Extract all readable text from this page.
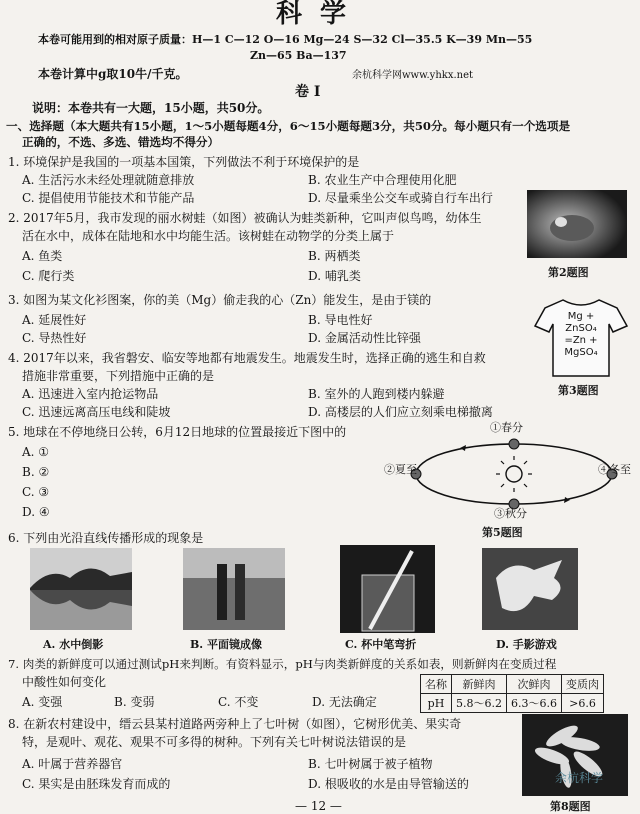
科学
本卷可能用到的相对原子质量：H—1 C—12 O—16 Mg—24 S—32 Cl—35.5 K—39 Mn—55
Zn—65 Ba—137
本卷计算中g取10牛/千克。	余杭科学网www.yhkx.net
卷 Ⅰ
说明：本卷共有一大题，15小题，共50分。
一、选择题（本大题共有15小题，1～5小题每题4分，6～15小题每题3分，共50分。每小题只有一个选项是
正确的，不选、多选、错选均不得分）
1. 环境保护是我国的一项基本国策，下列做法不利于环境保护的是
A. 生活污水未经处理就随意排放	B. 农业生产中合理使用化肥
C. 提倡使用节能技术和节能产品	D. 尽量乘坐公交车或骑自行车出行
2. 2017年5月，我市发现的丽水树蛙（如图）被确认为蛙类新种，它叫声似鸟鸣，幼体生
活在水中，成体在陆地和水中均能生活。该树蛙在动物学的分类上属于
A. 鱼类	B. 两栖类
C. 爬行类	D. 哺乳类	第2题图
3. 如图为某文化衫图案，你的美（Mg）偷走我的心（Zn）能发生，是由于镁的
A. 延展性好	B. 导电性好
C. 导热性好	D. 金属活动性比锌强
Mg +
ZnSO₄
=Zn +
MgSO₄
第3题图
4. 2017年以来，我省磐安、临安等地都有地震发生。地震发生时，选择正确的逃生和自救
措施非常重要，下列措施中正确的是
A. 迅速进入室内抢运物品	B. 室外的人跑到楼内躲避
C. 迅速远离高压电线和陡坡	D. 高楼层的人们应立刻乘电梯撤离
5. 地球在不停地绕日公转，6月12日地球的位置最接近下图中的
A. ①
B. ②
C. ③
D. ④
①春分
②夏至
③秋分
④冬至
第5题图
6. 下列由光沿直线传播形成的现象是
A. 水中倒影	B. 平面镜成像	C. 杯中笔弯折	D. 手影游戏
7. 肉类的新鲜度可以通过测试pH来判断。有资料显示，pH与肉类新鲜度的关系如表，则新鲜肉在变质过程
中酸性如何变化
A. 变强	B. 变弱	C. 不变	D. 无法确定
名称	新鲜肉	次鲜肉	变质肉
pH	5.8～6.2	6.3～6.6	>6.6
8. 在新农村建设中，缙云县某村道路两旁种上了七叶树（如图），它树形优美、果实奇
特，是观叶、观花、观果不可多得的树种。下列有关七叶树说法错误的是
A. 叶属于营养器官	B. 七叶树属于被子植物
C. 果实是由胚珠发育而成的	D. 根吸收的水是由导管输送的	余杭科学
第8题图
— 12 —
